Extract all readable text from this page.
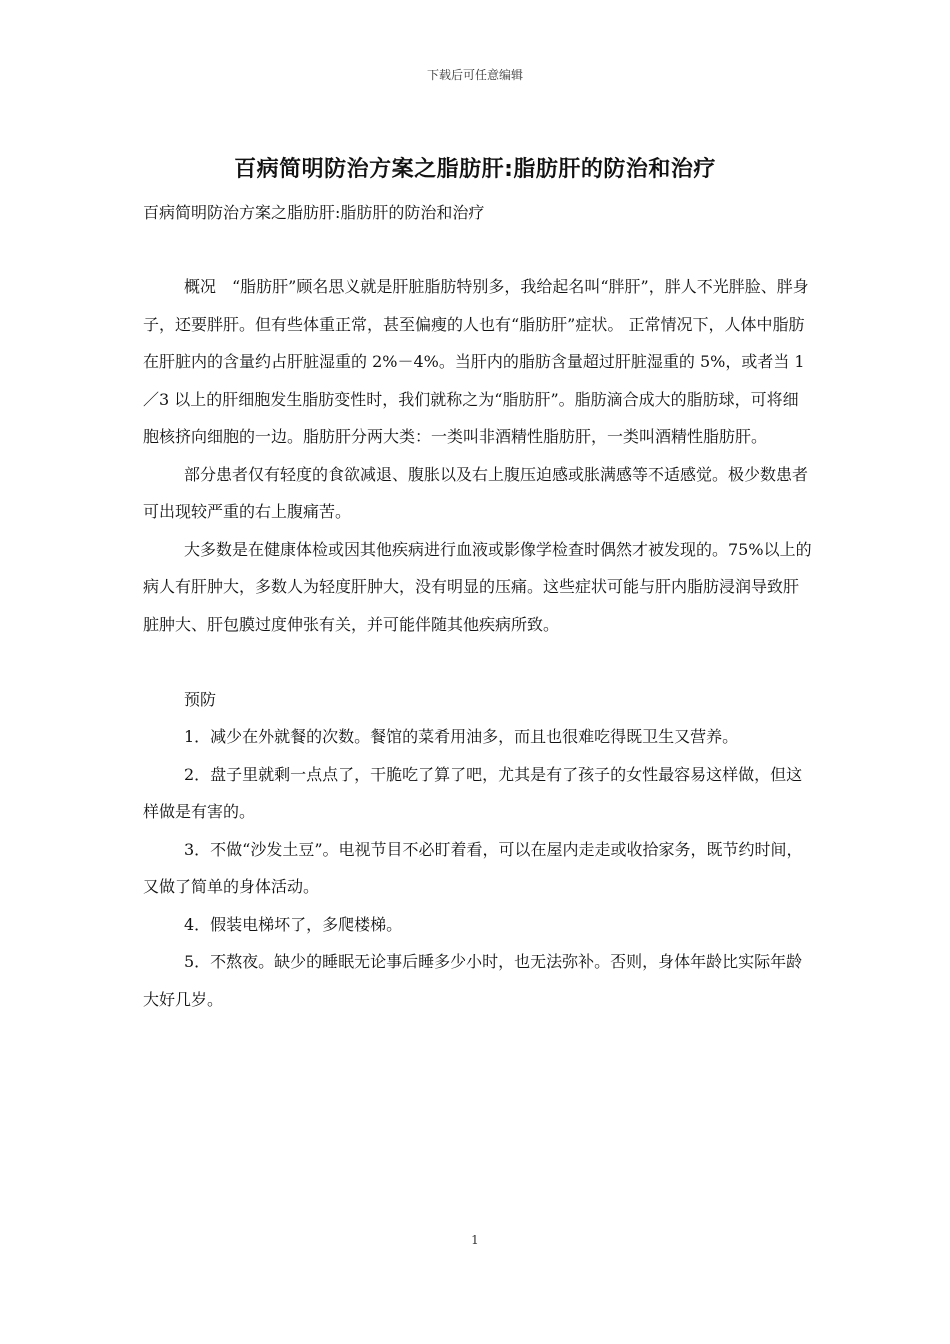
下载后可任意编辑
百病简明防治方案之脂肪肝:脂肪肝的防治和治疗
百病简明防治方案之脂肪肝:脂肪肝的防治和治疗

概况　“脂肪肝”顾名思义就是肝脏脂肪特别多，我给起名叫“胖肝”，胖人不光胖脸、胖身子，还要胖肝。但有些体重正常，甚至偏瘦的人也有“脂肪肝”症状。 正常情况下，人体中脂肪在肝脏内的含量约占肝脏湿重的 2%－4%。当肝内的脂肪含量超过肝脏湿重的 5%，或者当 1／3 以上的肝细胞发生脂肪变性时，我们就称之为“脂肪肝”。脂肪滴合成大的脂肪球，可将细胞核挤向细胞的一边。脂肪肝分两大类：一类叫非酒精性脂肪肝，一类叫酒精性脂肪肝。

部分患者仅有轻度的食欲减退、腹胀以及右上腹压迫感或胀满感等不适感觉。极少数患者可出现较严重的右上腹痛苦。

大多数是在健康体检或因其他疾病进行血液或影像学检查时偶然才被发现的。75%以上的病人有肝肿大，多数人为轻度肝肿大，没有明显的压痛。这些症状可能与肝内脂肪浸润导致肝脏肿大、肝包膜过度伸张有关，并可能伴随其他疾病所致。

预防

1．减少在外就餐的次数。餐馆的菜肴用油多，而且也很难吃得既卫生又营养。

2．盘子里就剩一点点了，干脆吃了算了吧，尤其是有了孩子的女性最容易这样做，但这样做是有害的。

3．不做“沙发土豆”。电视节目不必盯着看，可以在屋内走走或收拾家务，既节约时间，又做了简单的身体活动。

4．假装电梯坏了，多爬楼梯。

5．不熬夜。缺少的睡眠无论事后睡多少小时，也无法弥补。否则，身体年龄比实际年龄大好几岁。

1
